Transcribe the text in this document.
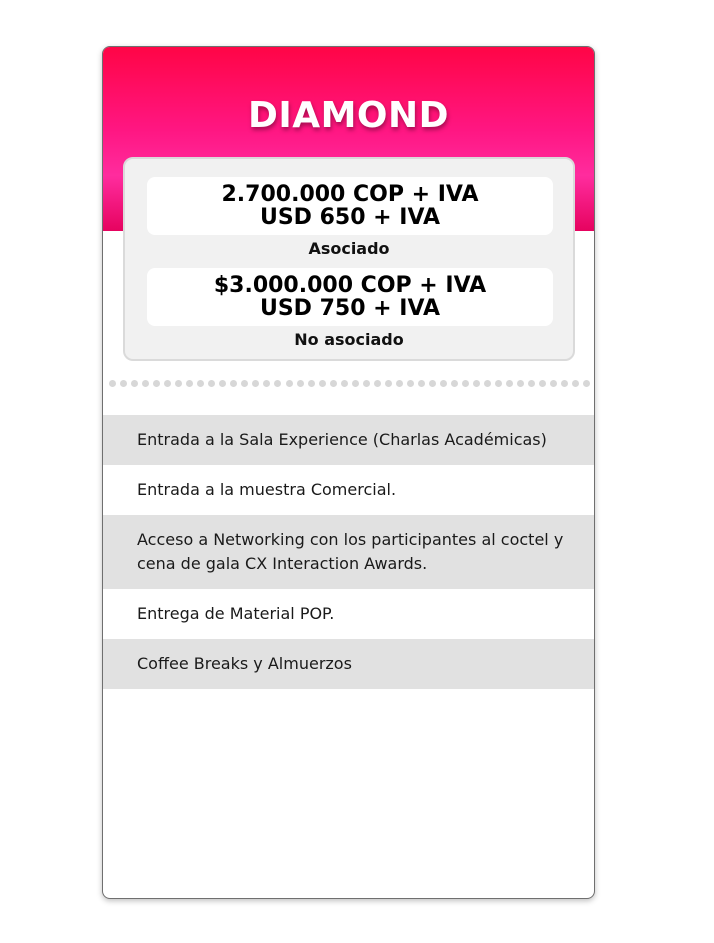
DIAMOND
2.700.000 COP + IVA
USD 650 + IVA
Asociado
$3.000.000 COP + IVA
USD 750 + IVA
No asociado
Entrada a la Sala Experience (Charlas Académicas)
Entrada a la muestra Comercial.
Acceso a Networking con los participantes al coctel y cena de gala CX Interaction Awards.
Entrega de Material POP.
Coffee Breaks y Almuerzos
